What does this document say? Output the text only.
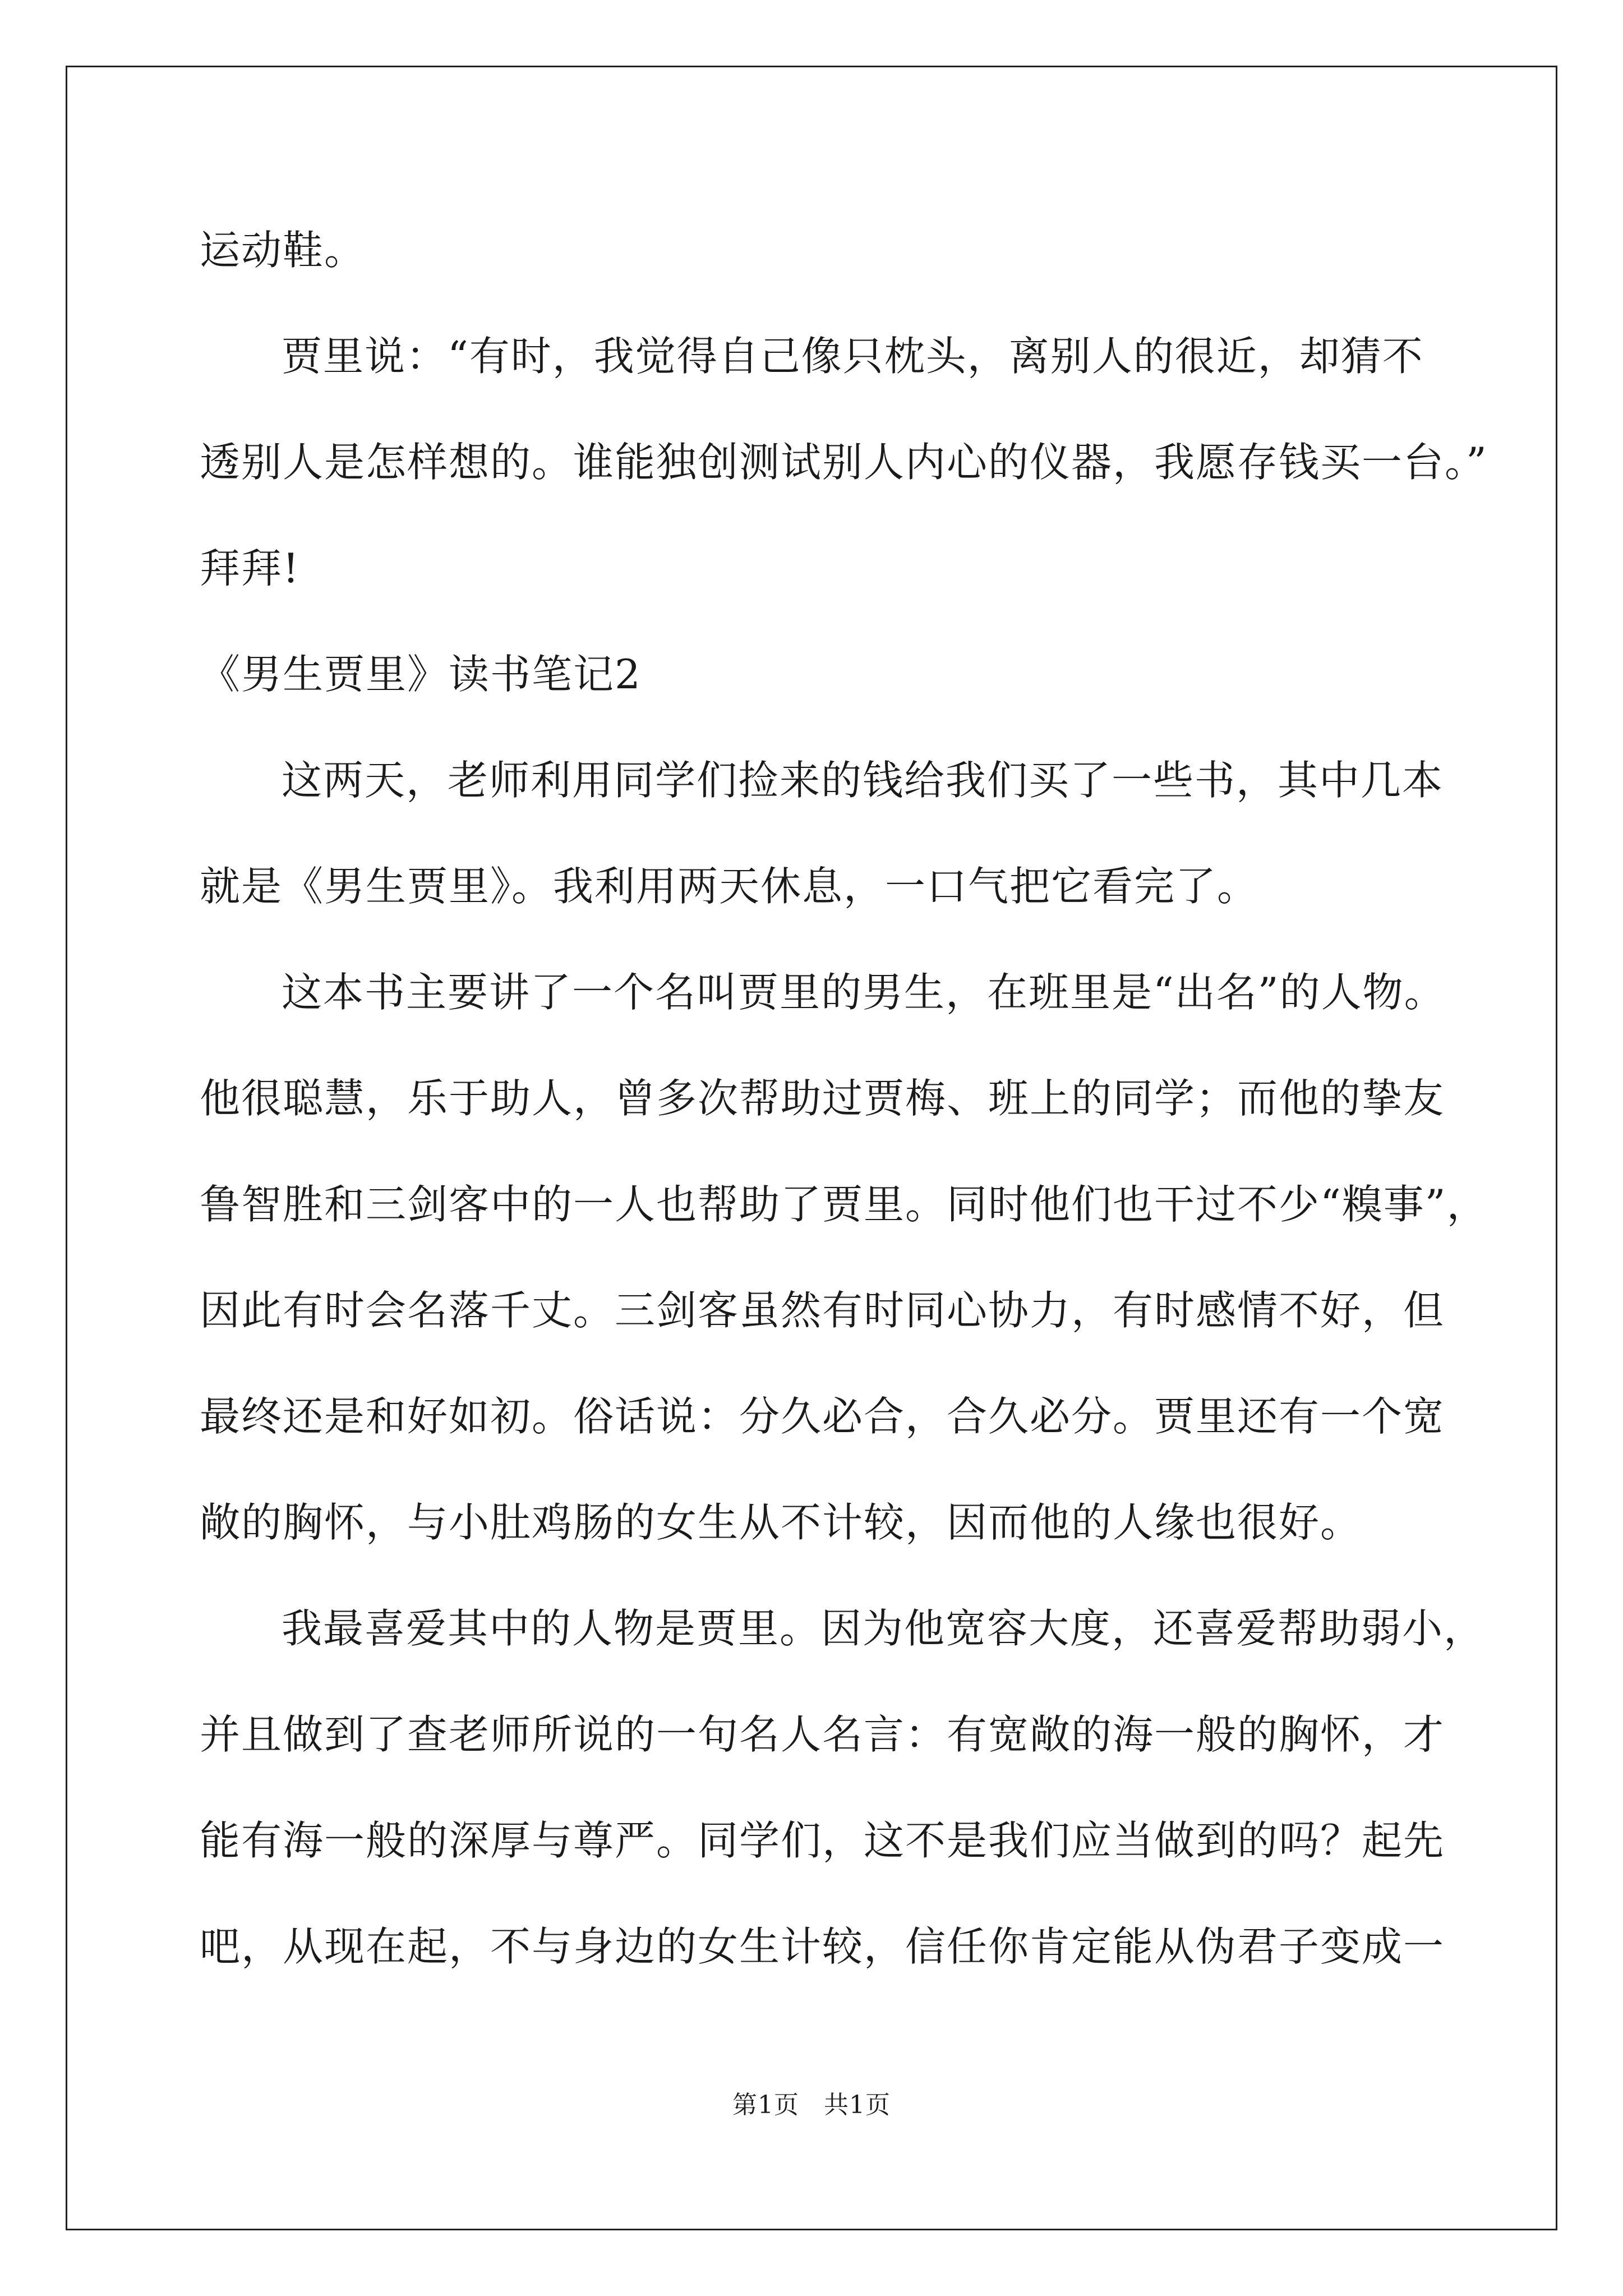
运动鞋。
贾里说：“有时，我觉得自己像只枕头，离别人的很近，却猜不
透别人是怎样想的。谁能独创测试别人内心的仪器，我愿存钱买一台。”
拜拜!
《男生贾里》读书笔记2
这两天，老师利用同学们捡来的钱给我们买了一些书，其中几本
就是《男生贾里》。我利用两天休息，一口气把它看完了。
这本书主要讲了一个名叫贾里的男生，在班里是“出名”的人物。
他很聪慧，乐于助人，曾多次帮助过贾梅、班上的同学；而他的挚友
鲁智胜和三剑客中的一人也帮助了贾里。同时他们也干过不少“糗事”，
因此有时会名落千丈。三剑客虽然有时同心协力，有时感情不好，但
最终还是和好如初。俗话说：分久必合，合久必分。贾里还有一个宽
敞的胸怀，与小肚鸡肠的女生从不计较，因而他的人缘也很好。
我最喜爱其中的人物是贾里。因为他宽容大度，还喜爱帮助弱小，
并且做到了查老师所说的一句名人名言：有宽敞的海一般的胸怀，才
能有海一般的深厚与尊严。同学们，这不是我们应当做到的吗？起先
吧，从现在起，不与身边的女生计较，信任你肯定能从伪君子变成一
第1页 共1页
